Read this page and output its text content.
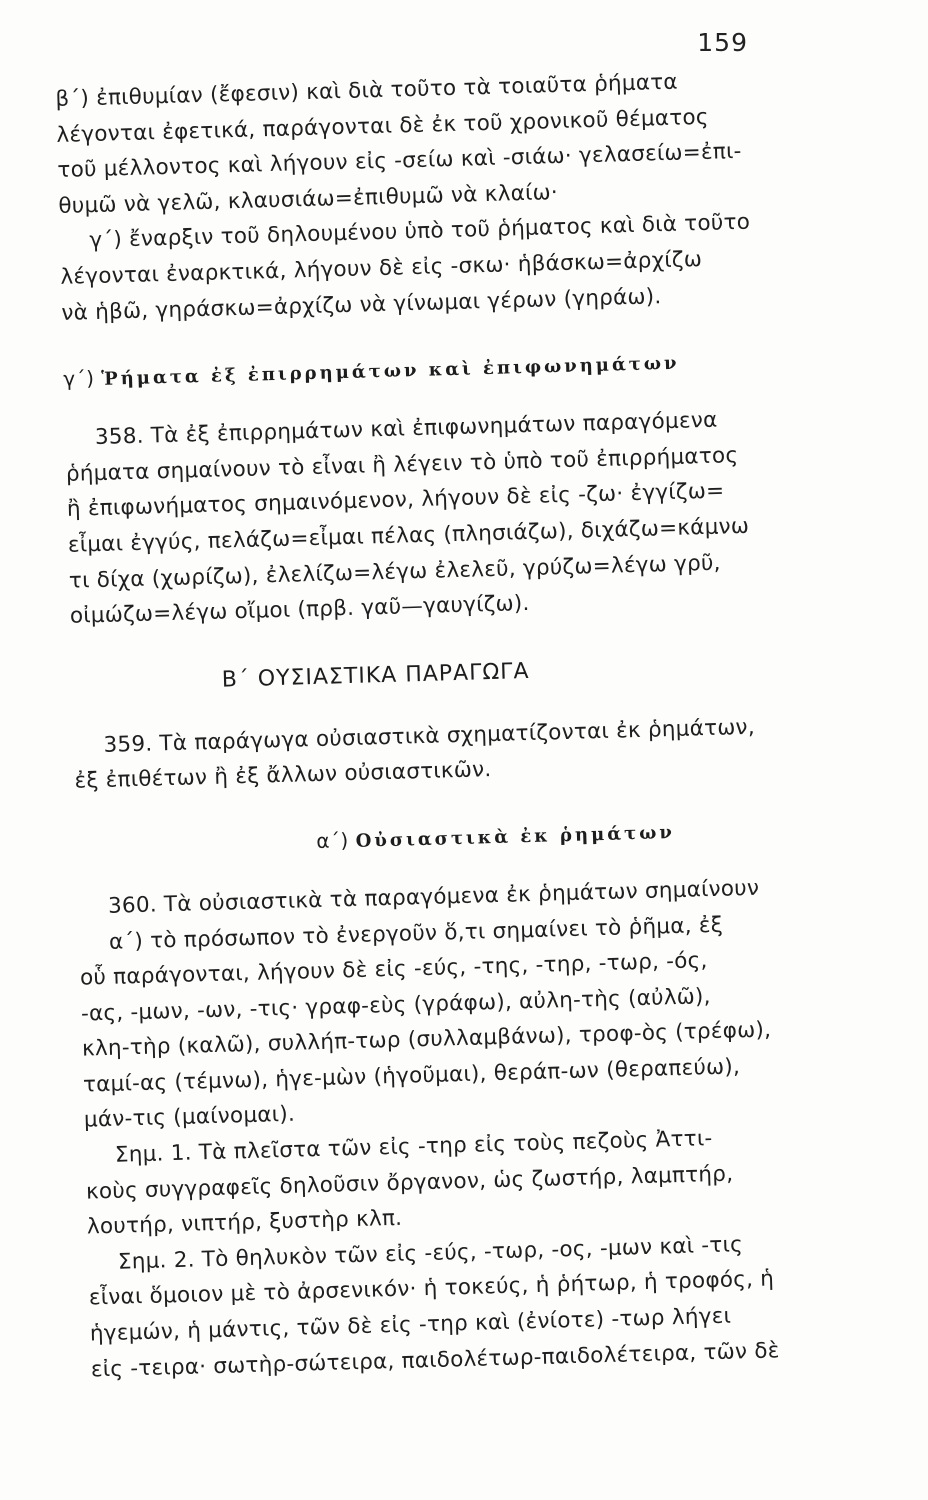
159
β΄) ἐπιθυμίαν (ἔφεσιν) καὶ διὰ τοῦτο τὰ τοιαῦτα ῥήματα
λέγονται ἐφετικά, παράγονται δὲ ἐκ τοῦ χρονικοῦ θέματος
τοῦ μέλλοντος καὶ λήγουν εἰς -σείω καὶ -σιάω· γελασείω=ἐπι-
θυμῶ νὰ γελῶ, κλαυσιάω=ἐπιθυμῶ νὰ κλαίω·
γ΄) ἔναρξιν τοῦ δηλουμένου ὑπὸ τοῦ ῥήματος καὶ διὰ τοῦτο
λέγονται ἐναρκτικά, λήγουν δὲ εἰς -σκω· ἡβάσκω=ἀρχίζω
νὰ ἡβῶ, γηράσκω=ἀρχίζω νὰ γίνωμαι γέρων (γηράω).
γ΄) Ῥήματα ἐξ ἐπιρρημάτων καὶ ἐπιφωνημάτων
358. Τὰ ἐξ ἐπιρρημάτων καὶ ἐπιφωνημάτων παραγόμενα
ῥήματα σημαίνουν τὸ εἶναι ἢ λέγειν τὸ ὑπὸ τοῦ ἐπιρρήματος
ἢ ἐπιφωνήματος σημαινόμενον, λήγουν δὲ εἰς -ζω· ἐγγίζω=
εἶμαι ἐγγύς, πελάζω=εἶμαι πέλας (πλησιάζω), διχάζω=κάμνω
τι δίχα (χωρίζω), ἐλελίζω=λέγω ἐλελεῦ, γρύζω=λέγω γρῦ,
οἰμώζω=λέγω οἴμοι (πρβ. γαῦ—γαυγίζω).
Β΄ ΟΥΣΙΑΣΤΙΚΑ ΠΑΡΑΓΩΓΑ
359. Τὰ παράγωγα οὐσιαστικὰ σχηματίζονται ἐκ ῥημάτων,
ἐξ ἐπιθέτων ἢ ἐξ ἄλλων οὐσιαστικῶν.
α΄) Οὐσιαστικὰ ἐκ ῥημάτων
360. Τὰ οὐσιαστικὰ τὰ παραγόμενα ἐκ ῥημάτων σημαίνουν
α΄) τὸ πρόσωπον τὸ ἐνεργοῦν ὅ,τι σημαίνει τὸ ῥῆμα, ἐξ
οὗ παράγονται, λήγουν δὲ εἰς -εύς, -της, -τηρ, -τωρ, -ός,
-ας, -μων, -ων, -τις· γραφ-εὺς (γράφω), αὐλη-τὴς (αὐλῶ),
κλη-τὴρ (καλῶ), συλλήπ-τωρ (συλλαμβάνω), τροφ-ὸς (τρέφω),
ταμί-ας (τέμνω), ἡγε-μὼν (ἡγοῦμαι), θεράπ-ων (θεραπεύω),
μάν-τις (μαίνομαι).
Σημ. 1. Τὰ πλεῖστα τῶν εἰς -τηρ εἰς τοὺς πεζοὺς Ἀττι-
κοὺς συγγραφεῖς δηλοῦσιν ὄργανον, ὡς ζωστήρ, λαμπτήρ,
λουτήρ, νιπτήρ, ξυστὴρ κλπ.
Σημ. 2. Τὸ θηλυκὸν τῶν εἰς -εύς, -τωρ, -ος, -μων καὶ -τις
εἶναι ὅμοιον μὲ τὸ ἀρσενικόν· ἡ τοκεύς, ἡ ῥήτωρ, ἡ τροφός, ἡ
ἡγεμών, ἡ μάντις, τῶν δὲ εἰς -τηρ καὶ (ἐνίοτε) -τωρ λήγει
εἰς -τειρα· σωτὴρ-σώτειρα, παιδολέτωρ-παιδολέτειρα, τῶν δὲ
